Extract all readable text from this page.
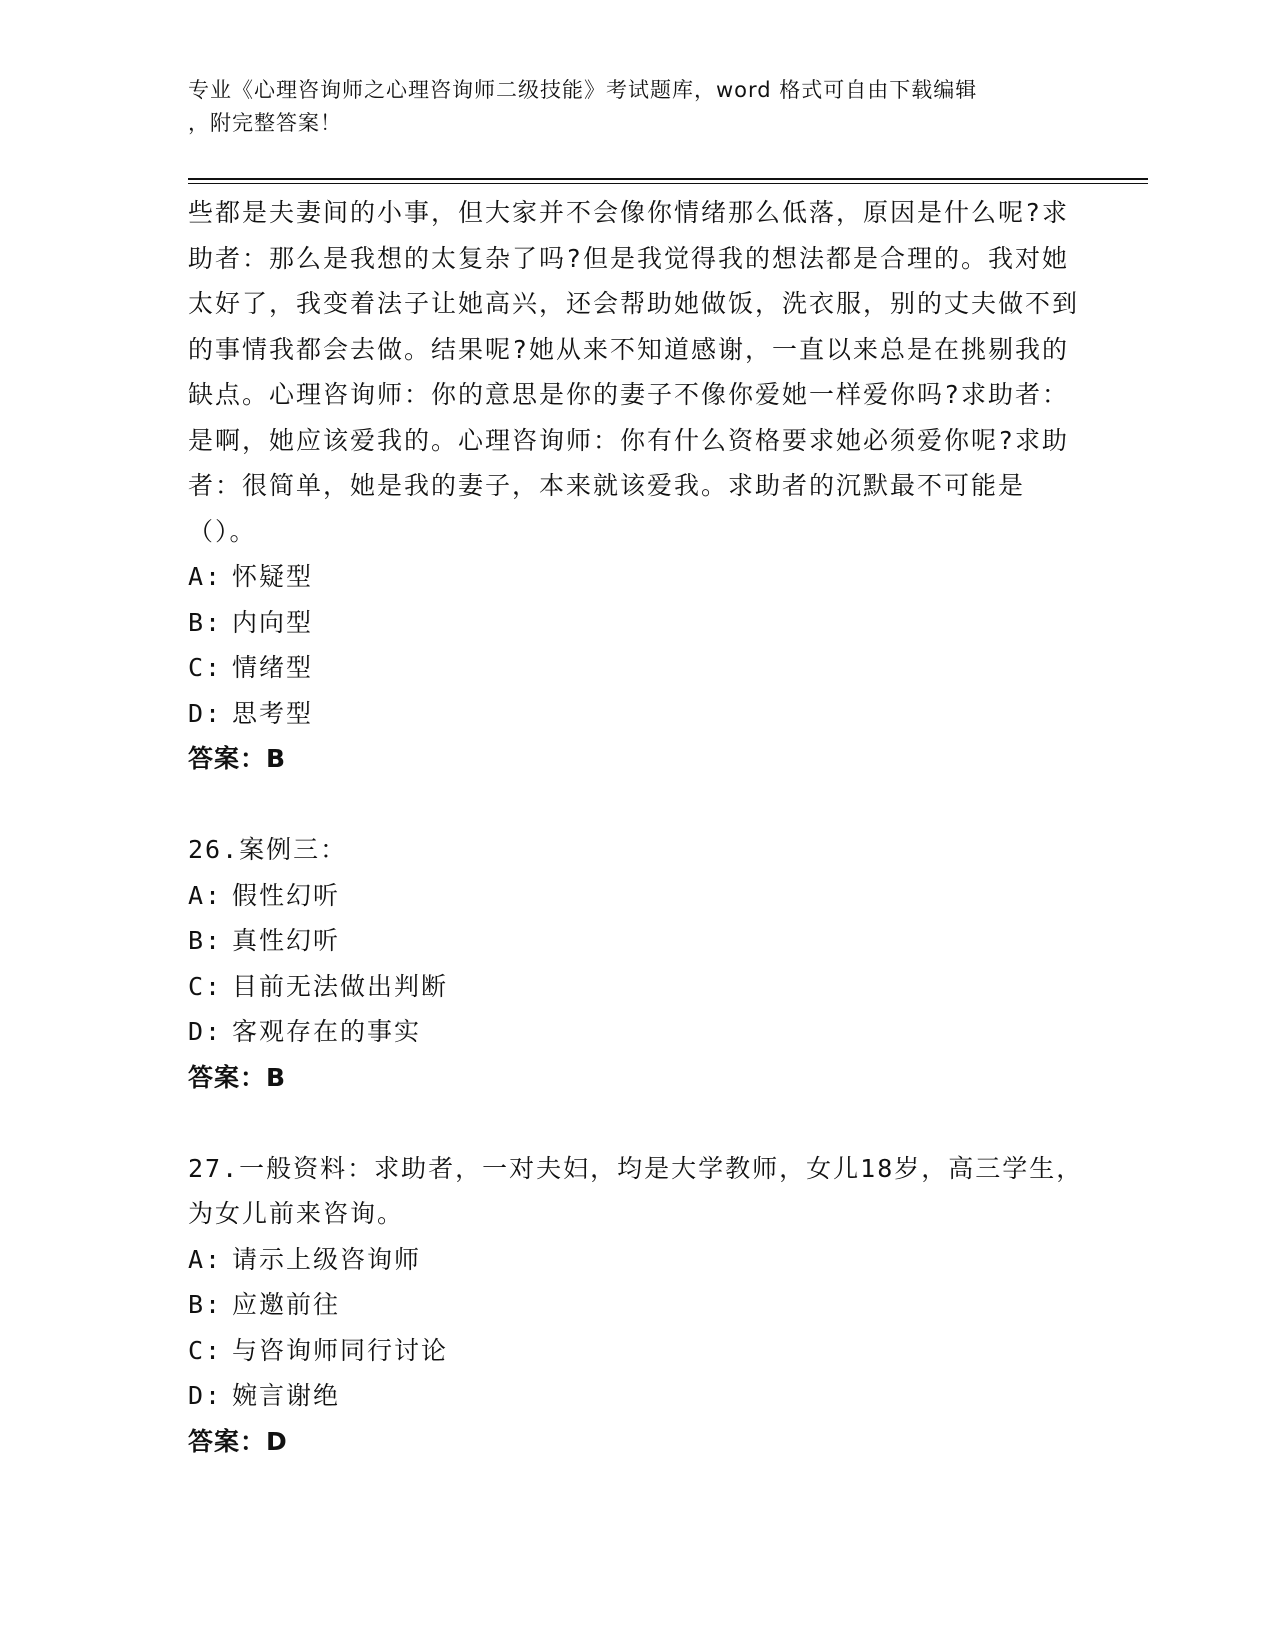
专业《心理咨询师之心理咨询师二级技能》考试题库，word 格式可自由下载编辑
，附完整答案！
些都是夫妻间的小事，但大家并不会像你情绪那么低落，原因是什么呢?求助者：那么是我想的太复杂了吗?但是我觉得我的想法都是合理的。我对她太好了，我变着法子让她高兴，还会帮助她做饭，洗衣服，别的丈夫做不到的事情我都会去做。结果呢?她从来不知道感谢，一直以来总是在挑剔我的缺点。心理咨询师：你的意思是你的妻子不像你爱她一样爱你吗?求助者：是啊，她应该爱我的。心理咨询师：你有什么资格要求她必须爱你呢?求助者：很简单，她是我的妻子，本来就该爱我。求助者的沉默最不可能是（）。
A: 怀疑型
B: 内向型
C: 情绪型
D: 思考型
答案：B
26.案例三：
A: 假性幻听
B: 真性幻听
C: 目前无法做出判断
D: 客观存在的事实
答案：B
27.一般资料：求助者，一对夫妇，均是大学教师，女儿18岁，高三学生，为女儿前来咨询。
A: 请示上级咨询师
B: 应邀前往
C: 与咨询师同行讨论
D: 婉言谢绝
答案：D
